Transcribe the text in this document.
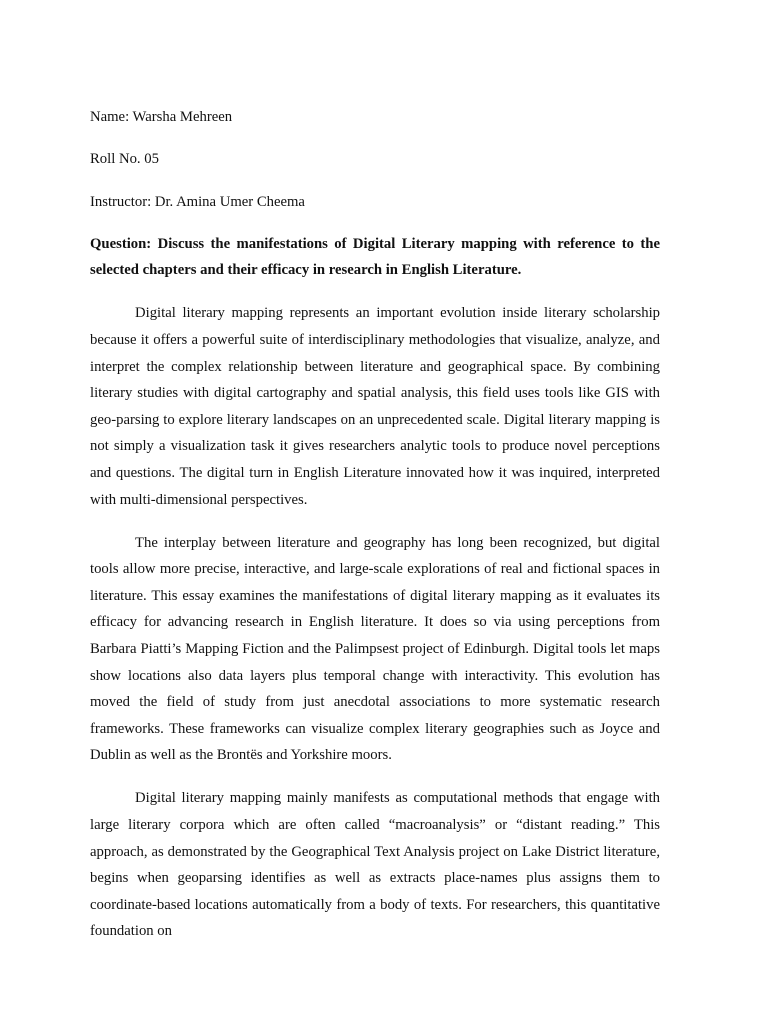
Name: Warsha Mehreen

Roll No. 05

Instructor: Dr. Amina Umer Cheema

Question: Discuss the manifestations of Digital Literary mapping with reference to the selected chapters and their efficacy in research in English Literature.

Digital literary mapping represents an important evolution inside literary scholarship because it offers a powerful suite of interdisciplinary methodologies that visualize, analyze, and interpret the complex relationship between literature and geographical space. By combining literary studies with digital cartography and spatial analysis, this field uses tools like GIS with geo-parsing to explore literary landscapes on an unprecedented scale. Digital literary mapping is not simply a visualization task it gives researchers analytic tools to produce novel perceptions and questions. The digital turn in English Literature innovated how it was inquired, interpreted with multi-dimensional perspectives.

The interplay between literature and geography has long been recognized, but digital tools allow more precise, interactive, and large-scale explorations of real and fictional spaces in literature. This essay examines the manifestations of digital literary mapping as it evaluates its efficacy for advancing research in English literature. It does so via using perceptions from Barbara Piatti’s Mapping Fiction and the Palimpsest project of Edinburgh. Digital tools let maps show locations also data layers plus temporal change with interactivity. This evolution has moved the field of study from just anecdotal associations to more systematic research frameworks. These frameworks can visualize complex literary geographies such as Joyce and Dublin as well as the Brontës and Yorkshire moors.

Digital literary mapping mainly manifests as computational methods that engage with large literary corpora which are often called “macroanalysis” or “distant reading.” This approach, as demonstrated by the Geographical Text Analysis project on Lake District literature, begins when geoparsing identifies as well as extracts place-names plus assigns them to coordinate-based locations automatically from a body of texts. For researchers, this quantitative foundation on
